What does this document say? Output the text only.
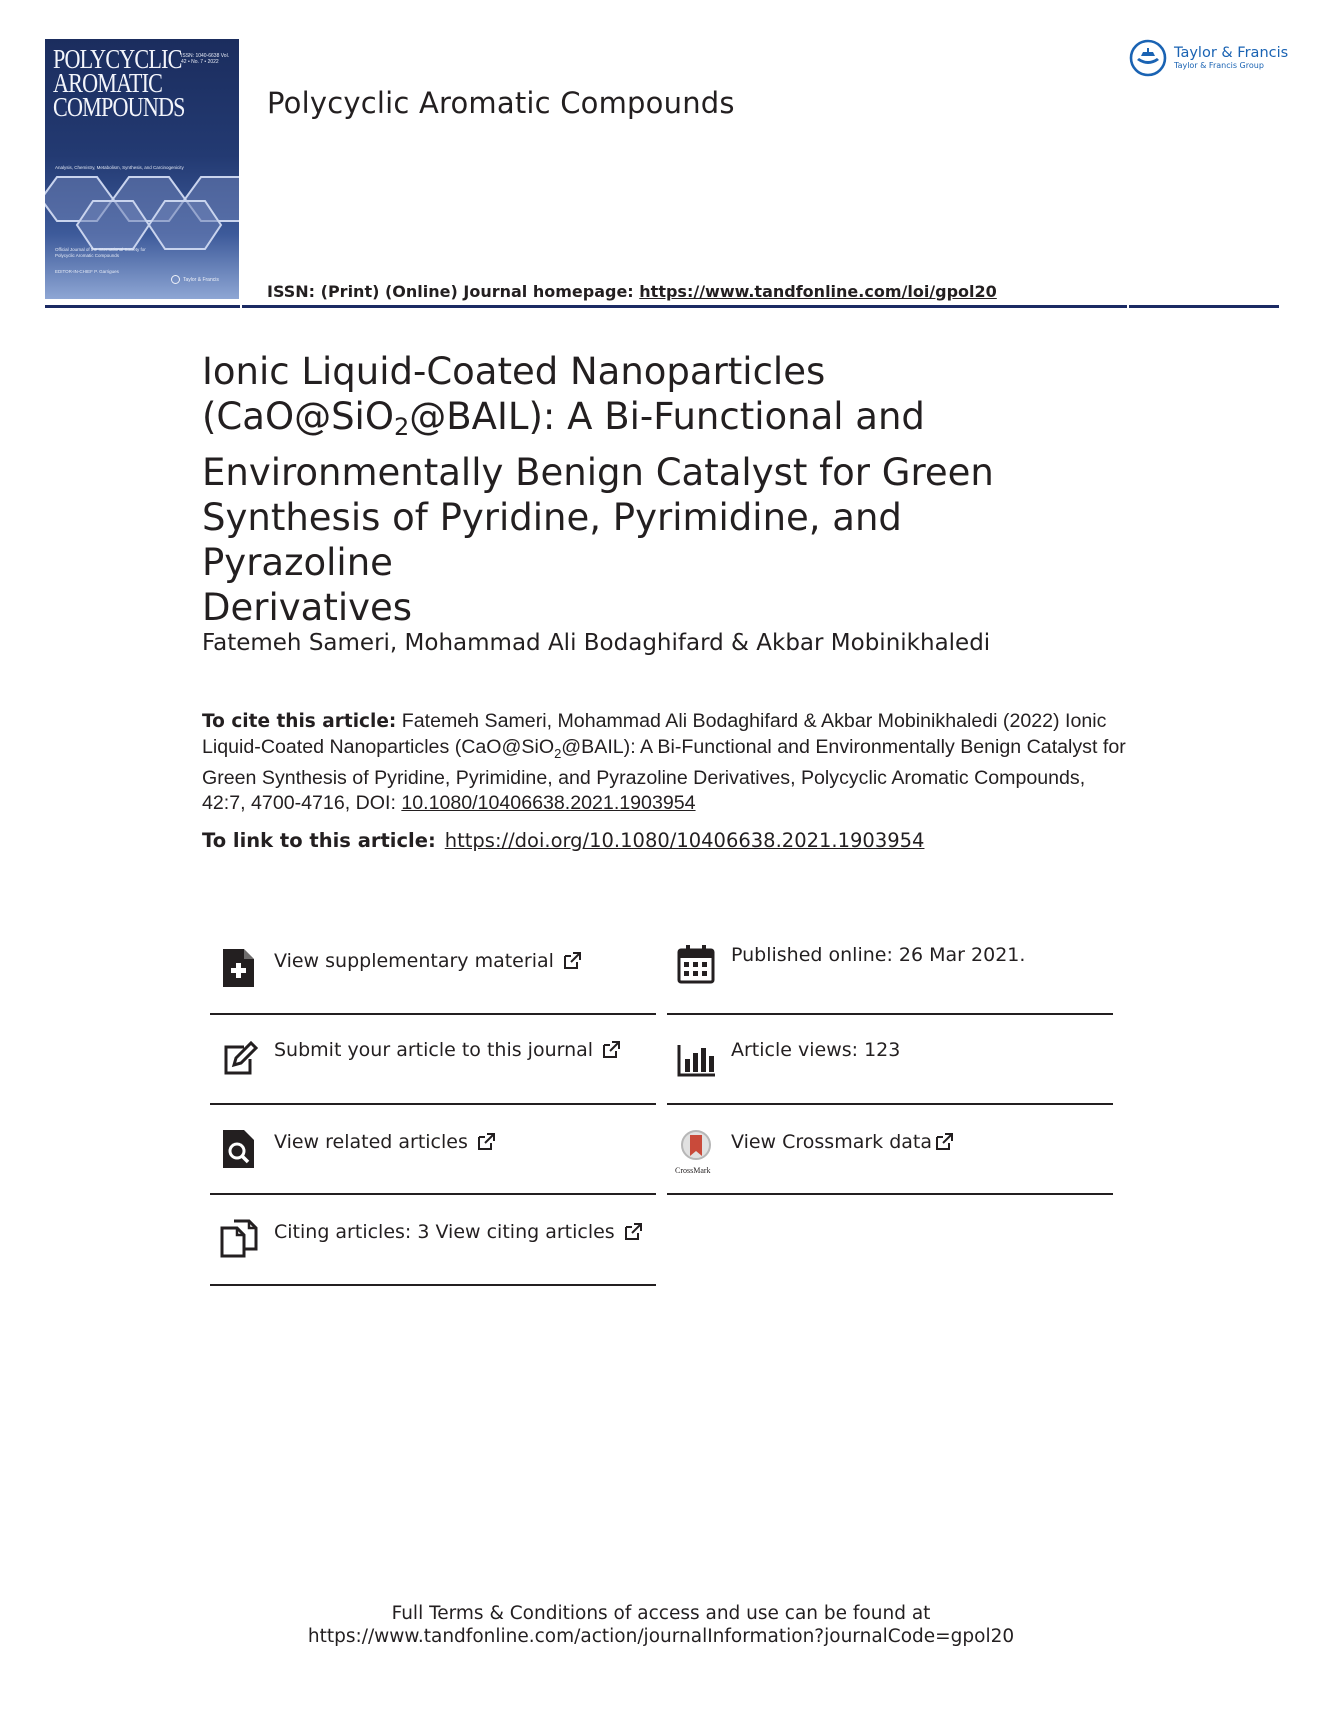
POLYCYCLIC
AROMATIC
COMPOUNDS
ISSN: 1040-6638 Vol. 42 • No. 7 • 2022
Analysis, Chemistry, Metabolism, Synthesis, and Carcinogenicity
Official Journal of the International Society for Polycyclic Aromatic Compounds
EDITOR-IN-CHIEF P. Garrigues
Taylor & Francis
Polycyclic Aromatic Compounds
ISSN: (Print) (Online) Journal homepage: https://www.tandfonline.com/loi/gpol20
Taylor & Francis
Taylor & Francis Group
Ionic Liquid-Coated Nanoparticles
(CaO@SiO$_2$@BAIL): A Bi-Functional and
Environmentally Benign Catalyst for Green
Synthesis of Pyridine, Pyrimidine, and Pyrazoline
Derivatives
Fatemeh Sameri, Mohammad Ali Bodaghifard & Akbar Mobinikhaledi
To cite this article: Fatemeh Sameri, Mohammad Ali Bodaghifard & Akbar Mobinikhaledi (2022) Ionic Liquid-Coated Nanoparticles (CaO@SiO$_2$@BAIL): A Bi-Functional and Environmentally Benign Catalyst for Green Synthesis of Pyridine, Pyrimidine, and Pyrazoline Derivatives, Polycyclic Aromatic Compounds, 42:7, 4700-4716, DOI: 10.1080/10406638.2021.1903954
To link to this article: https://doi.org/10.1080/10406638.2021.1903954
View supplementary material	Published online: 26 Mar 2021.
Submit your article to this journal	Article views: 123
View related articles
CrossMark
View Crossmark data
Citing articles: 3 View citing articles
Full Terms & Conditions of access and use can be found at
https://www.tandfonline.com/action/journalInformation?journalCode=gpol20
